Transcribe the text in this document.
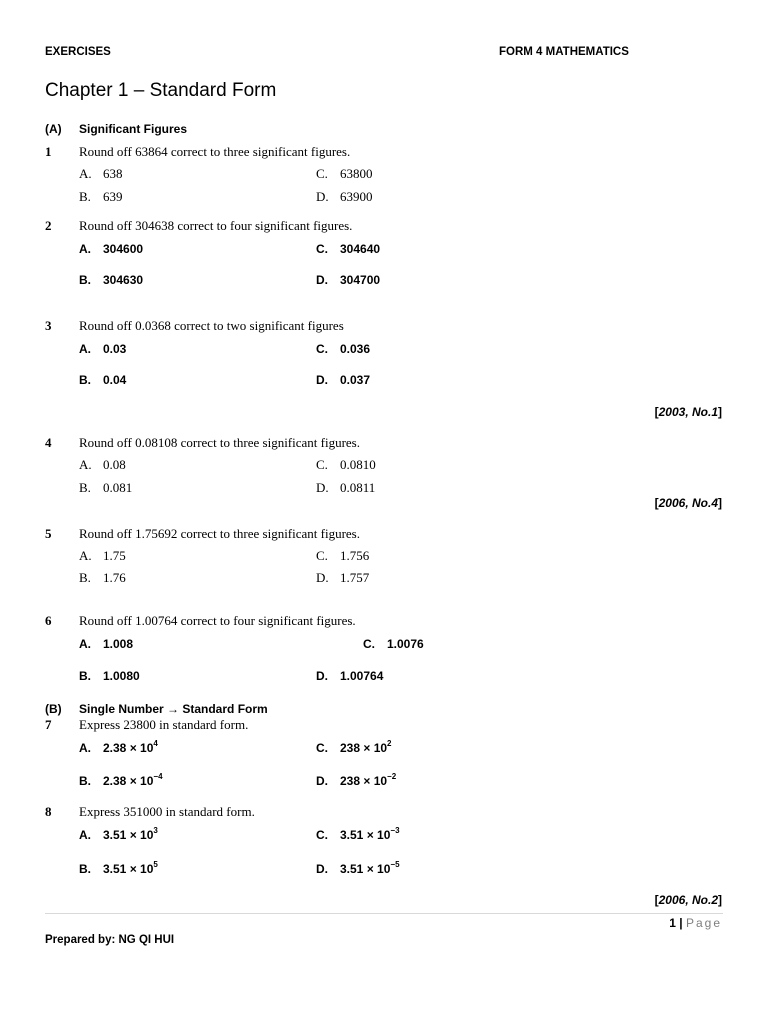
EXERCISES	FORM 4 MATHEMATICS
Chapter 1 – Standard Form
(A) Significant Figures
1 Round off 63864 correct to three significant figures.
A. 638	C. 63800
B. 639	D. 63900
2 Round off 304638 correct to four significant figures.
A. 304600	C. 304640
B. 304630	D. 304700
3 Round off 0.0368 correct to two significant figures
A. 0.03	C. 0.036
B. 0.04	D. 0.037
[2003, No.1]
4 Round off 0.08108 correct to three significant figures.
A. 0.08	C. 0.0810
B. 0.081	D. 0.0811
[2006, No.4]
5 Round off 1.75692 correct to three significant figures.
A. 1.75	C. 1.756
B. 1.76	D. 1.757
6 Round off 1.00764 correct to four significant figures.
A. 1.008	C. 1.0076
B. 1.0080	D. 1.00764
(B) Single Number → Standard Form
7 Express 23800 in standard form.
A. $2.38 \times 10^4$	C. $238 \times 10^2$
B. $2.38 \times 10^{-4}$	D. $238 \times 10^{-2}$
8 Express 351000 in standard form.
A. $3.51 \times 10^3$	C. $3.51 \times 10^{-3}$
B. $3.51 \times 10^5$	D. $3.51 \times 10^{-5}$
[2006, No.2]
1 | Page
Prepared by: NG QI HUI
